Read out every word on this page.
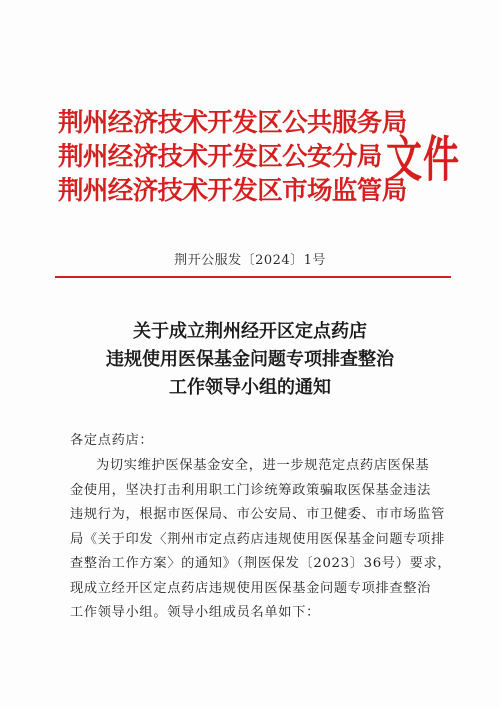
荆州经济技术开发区公共服务局
荆州经济技术开发区公安分局
荆州经济技术开发区市场监管局
文件
荆开公服发〔2024〕1号
关于成立荆州经开区定点药店
违规使用医保基金问题专项排查整治
工作领导小组的通知
各定点药店：
为切实维护医保基金安全，进一步规范定点药店医保基
金使用，坚决打击利用职工门诊统筹政策骗取医保基金违法
违规行为，根据市医保局、市公安局、市卫健委、市市场监管
局《关于印发〈荆州市定点药店违规使用医保基金问题专项排
查整治工作方案〉的通知》（荆医保发〔2023〕36号）要求，
现成立经开区定点药店违规使用医保基金问题专项排查整治
工作领导小组。领导小组成员名单如下：
